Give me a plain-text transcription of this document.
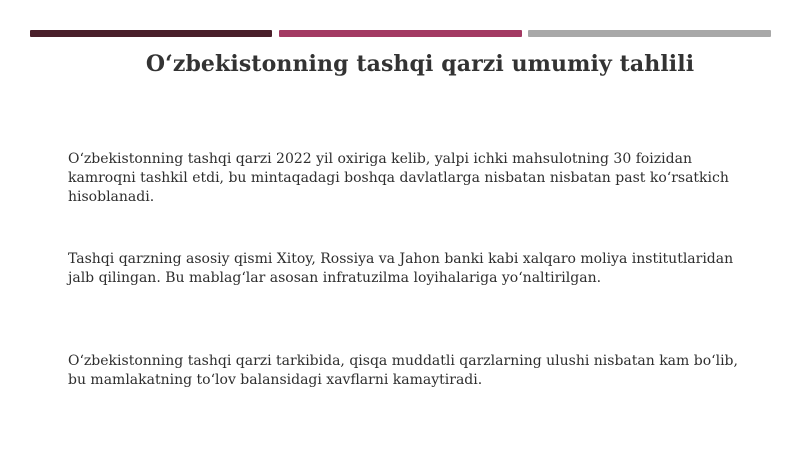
O‘zbekistonning tashqi qarzi umumiy tahlili
O‘zbekistonning tashqi qarzi 2022 yil oxiriga kelib, yalpi ichki mahsulotning 30 foizidan kamroqni tashkil etdi, bu mintaqadagi boshqa davlatlarga nisbatan nisbatan past ko‘rsatkich hisoblanadi.
Tashqi qarzning asosiy qismi Xitoy, Rossiya va Jahon banki kabi xalqaro moliya institutlaridan jalb qilingan. Bu mablag‘lar asosan infratuzilma loyihalariga yo‘naltirilgan.
O‘zbekistonning tashqi qarzi tarkibida, qisqa muddatli qarzlarning ulushi nisbatan kam bo‘lib, bu mamlakatning to‘lov balansidagi xavflarni kamaytiradi.
